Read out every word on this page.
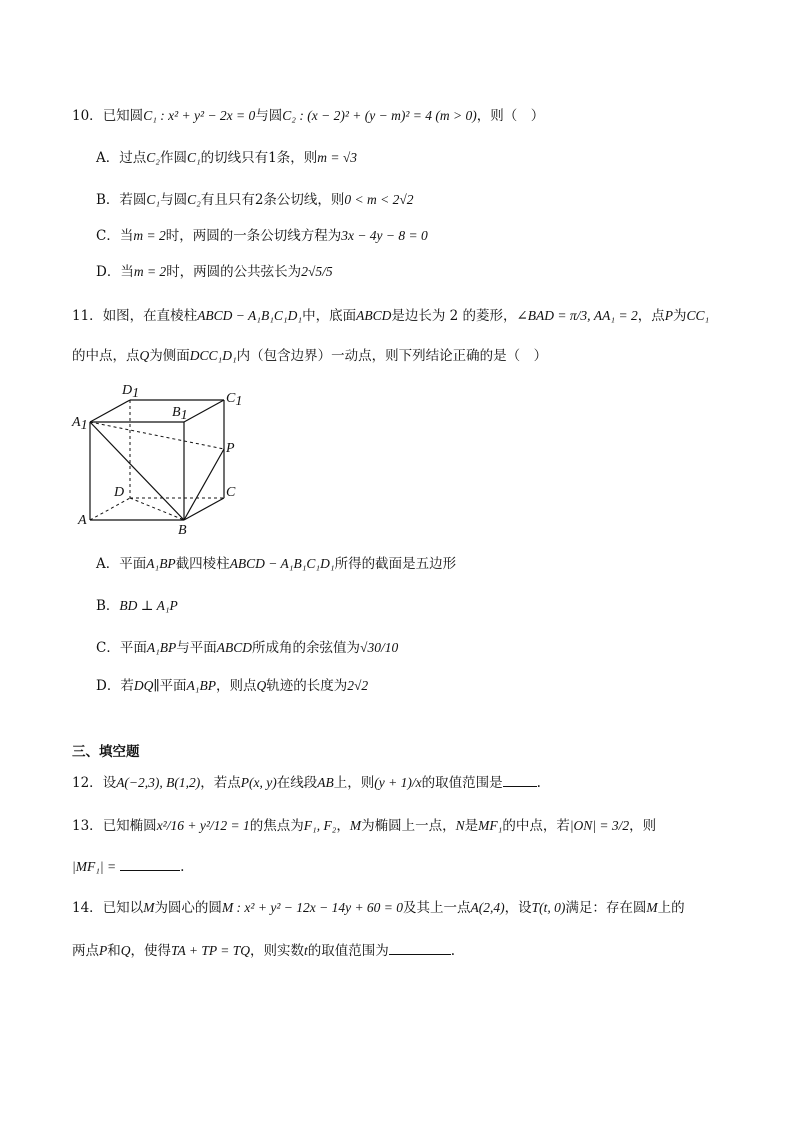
10．已知圆C₁ : x² + y² − 2x = 0与圆C₂ : (x − 2)² + (y − m)² = 4 (m > 0)，则（　）
A．过点C₂作圆C₁的切线只有1条，则m = √3
B．若圆C₁与圆C₂有且只有2条公切线，则0 < m < 2√2
C．当m = 2时，两圆的一条公切线方程为3x − 4y − 8 = 0
D．当m = 2时，两圆的公共弦长为2√5/5
11．如图，在直棱柱ABCD − A₁B₁C₁D₁中，底面ABCD是边长为 2 的菱形，∠BAD = π/3, AA₁ = 2，点P为CC₁
的中点，点Q为侧面DCC₁D₁内（包含边界）一动点，则下列结论正确的是（　）
D1	C1
B1
A1
P
D	C
A
B
A．平面A₁BP截四棱柱ABCD − A₁B₁C₁D₁所得的截面是五边形
B．BD ⊥ A₁P
C．平面A₁BP与平面ABCD所成角的余弦值为√30/10
D．若DQ∥平面A₁BP，则点Q轨迹的长度为2√2
三、填空题
12．设A(−2,3), B(1,2)，若点P(x, y)在线段AB上，则(y + 1)/x的取值范围是	.
13．已知椭圆x²/16 + y²/12 = 1的焦点为F₁, F₂，M为椭圆上一点，N是MF₁的中点，若|ON| = 3/2，则
|MF₁| =	.
14．已知以M为圆心的圆M : x² + y² − 12x − 14y + 60 = 0及其上一点A(2,4)，设T(t, 0)满足：存在圆M上的
两点P和Q，使得TA + TP = TQ，则实数t的取值范围为	.
